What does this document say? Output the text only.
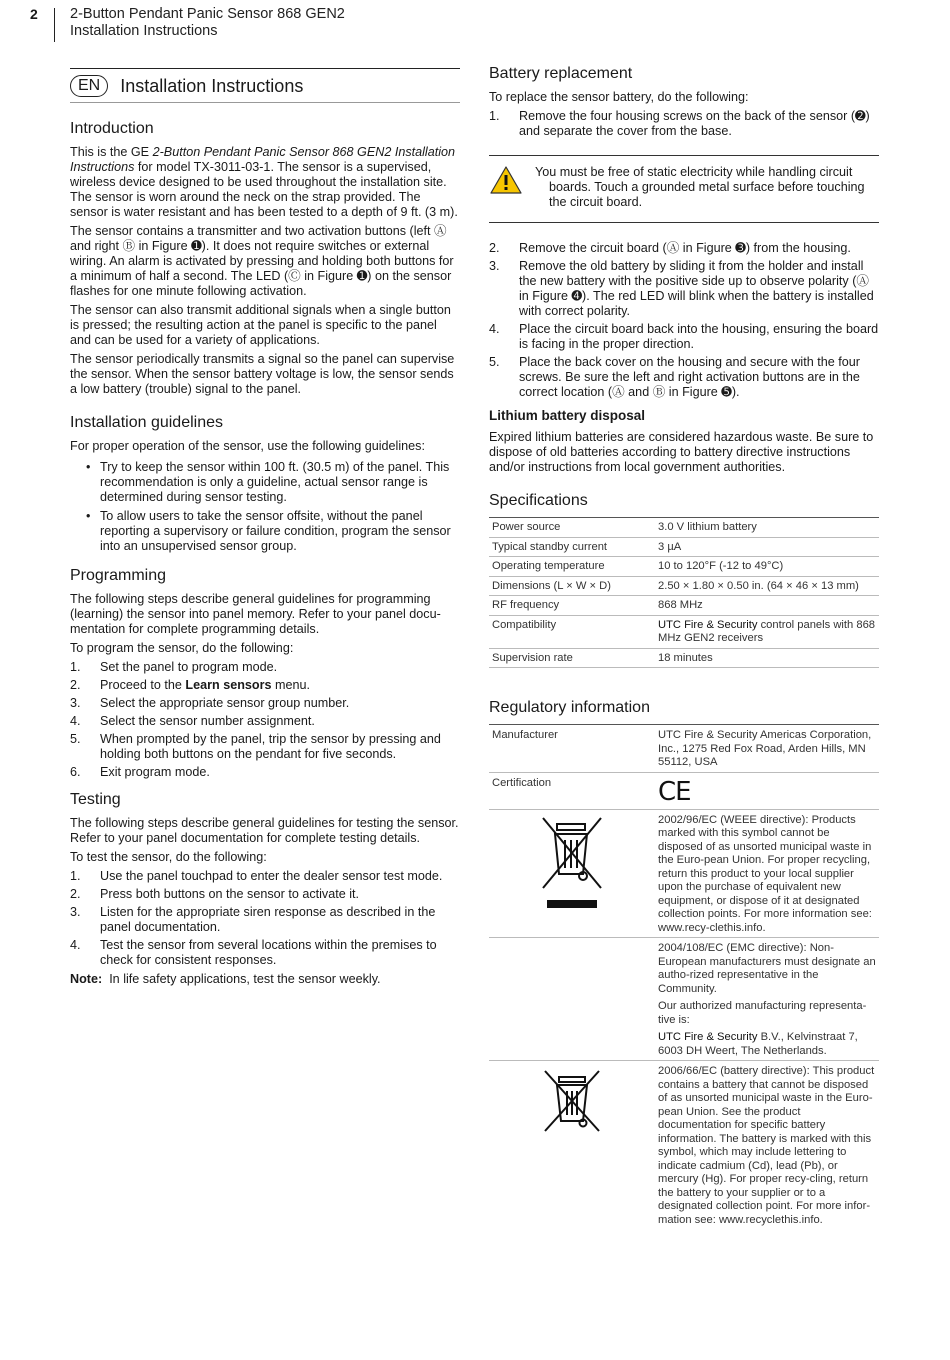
2 2-Button Pendant Panic Sensor 868 GEN2
Installation Instructions
EN	Installation Instructions
Introduction

This is the GE 2-Button Pendant Panic Sensor 868 GEN2 Installation Instructions for model TX-3011-03-1. The sensor is a supervised, wireless device designed to be used throughout the installation site. The sensor is worn around the neck on the strap provided. The sensor is water resistant and has been tested to a depth of 9 ft. (3 m).

The sensor contains a transmitter and two activation buttons (left Ⓐ and right Ⓑ in Figure ➊). It does not require switches or external wiring. An alarm is activated by pressing and holding both buttons for a minimum of half a second. The LED (Ⓒ in Figure ➊) on the sensor flashes for one minute following activation.

The sensor can also transmit additional signals when a single button is pressed; the resulting action at the panel is specific to the panel and can be used for a variety of applications.

The sensor periodically transmits a signal so the panel can supervise the sensor. When the sensor battery voltage is low, the sensor sends a low battery (trouble) signal to the panel.

Installation guidelines

For proper operation of the sensor, use the following guidelines:

• Try to keep the sensor within 100 ft. (30.5 m) of the panel. This recommendation is only a guideline, actual sensor range is determined during sensor testing.
• To allow users to take the sensor offsite, without the panel reporting a supervisory or failure condition, program the sensor into an unsupervised sensor group.
Programming

The following steps describe general guidelines for programming (learning) the sensor into panel memory. Refer to your panel docu-mentation for complete programming details.

To program the sensor, do the following:

1.	Set the panel to program mode.
2.	Proceed to the Learn sensors menu.
3.	Select the appropriate sensor group number.
4.	Select the sensor number assignment.
5.	When prompted by the panel, trip the sensor by pressing and holding both buttons on the pendant for five seconds.
6.	Exit program mode.
Testing

The following steps describe general guidelines for testing the sensor. Refer to your panel documentation for complete testing details.

To test the sensor, do the following:

1.	Use the panel touchpad to enter the dealer sensor test mode.
2.	Press both buttons on the sensor to activate it.
3.	Listen for the appropriate siren response as described in the panel documentation.
4.	Test the sensor from several locations within the premises to check for consistent responses.

Note: In life safety applications, test the sensor weekly.

Battery replacement

To replace the sensor battery, do the following:

1.	Remove the four housing screws on the back of the sensor (➋) and separate the cover from the base.
You must be free of static electricity while handling circuit boards. Touch a grounded metal surface before touching the circuit board.
2.	Remove the circuit board (Ⓐ in Figure ➌) from the housing.
3.	Remove the old battery by sliding it from the holder and install the new battery with the positive side up to observe polarity (Ⓐ in Figure ➍). The red LED will blink when the battery is installed with correct polarity.
4.	Place the circuit board back into the housing, ensuring the board is facing in the proper direction.
5.	Place the back cover on the housing and secure with the four screws. Be sure the left and right activation buttons are in the correct location (Ⓐ and Ⓑ in Figure ➎).
Lithium battery disposal

Expired lithium batteries are considered hazardous waste. Be sure to dispose of old batteries according to battery directive instructions and/or instructions from local government authorities.

Specifications
Power source	3.0 V lithium battery
Typical standby current	3 µA
Operating temperature	10 to 120°F (-12 to 49°C)
Dimensions (L × W × D)	2.50 × 1.80 × 0.50 in. (64 × 46 × 13 mm)
RF frequency	868 MHz
Compatibility	UTC Fire & Security control panels with 868 MHz GEN2 receivers
Supervision rate	18 minutes
Regulatory information
Manufacturer	UTC Fire & Security Americas Corporation, Inc., 1275 Red Fox Road, Arden Hills, MN 55112, USA
Certification	CE
	2002/96/EC (WEEE directive): Products marked with this symbol cannot be disposed of as unsorted municipal waste in the Euro-pean Union. For proper recycling, return this product to your local supplier upon the purchase of equivalent new equipment, or dispose of it at designated collection points. For more information see: www.recy-clethis.info.

	2004/108/EC (EMC directive): Non-European manufacturers must designate an autho-rized representative in the Community.
Our authorized manufacturing representa-tive is:
UTC Fire & Security B.V., Kelvinstraat 7, 6003 DH Weert, The Netherlands.

	2006/66/EC (battery directive): This product contains a battery that cannot be disposed of as unsorted municipal waste in the Euro-pean Union. See the product documentation for specific battery information. The battery is marked with this symbol, which may include lettering to indicate cadmium (Cd), lead (Pb), or mercury (Hg). For proper recy-cling, return the battery to your supplier or to a designated collection point. For more infor-mation see: www.recyclethis.info.
